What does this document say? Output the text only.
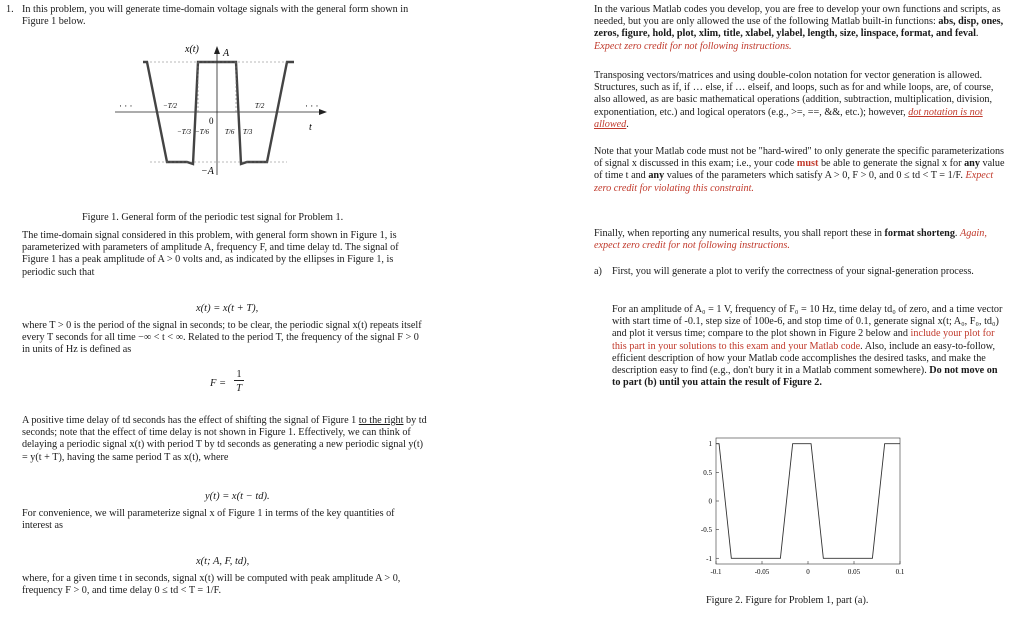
1. In this problem, you will generate time-domain voltage signals with the general form shown in Figure 1 below.

x(t) A
−A
t
0
· · ·	· · ·
−T/2	T/2
−T/3 −T/6 T/6 T/3

Figure 1. General form of the periodic test signal for Problem 1.

The time-domain signal considered in this problem, with general form shown in Figure 1, is parameterized with parameters of amplitude A, frequency F, and time delay td. The signal of Figure 1 has a peak amplitude of A > 0 volts and, as indicated by the ellipses in Figure 1, is periodic such that

x(t) = x(t + T),

where T > 0 is the period of the signal in seconds; to be clear, the periodic signal x(t) repeats itself every T seconds for all time −∞ < t < ∞. Related to the period T, the frequency of the signal F > 0 in units of Hz is defined as

F =
1
T

A positive time delay of td seconds has the effect of shifting the signal of Figure 1 to the right by td seconds; note that the effect of time delay is not shown in Figure 1. Effectively, we can think of delaying a periodic signal x(t) with period T by td seconds as generating a new periodic signal y(t) = y(t + T), having the same period T as x(t), where

y(t) = x(t − td).

For convenience, we will parameterize signal x of Figure 1 in terms of the key quantities of interest as

x(t; A, F, td),

where, for a given time t in seconds, signal x(t) will be computed with peak amplitude A > 0, frequency F > 0, and time delay 0 ≤ td < T = 1/F.

In the various Matlab codes you develop, you are free to develop your own functions and scripts, as needed, but you are only allowed the use of the following Matlab built-in functions: abs, disp, ones, zeros, figure, hold, plot, xlim, title, xlabel, ylabel, length, size, linspace, format, and feval. Expect zero credit for not following instructions.

Transposing vectors/matrices and using double-colon notation for vector generation is allowed. Structures, such as if, if … else, if … elseif, and loops, such as for and while loops, are, of course, also allowed, as are basic mathematical operations (addition, subtraction, multiplication, division, exponentiation, etc.) and logical operators (e.g., >=, ==, &&, etc.); however, dot notation is not allowed.

Note that your Matlab code must not be "hard-wired" to only generate the specific parameterizations of signal x discussed in this exam; i.e., your code must be able to generate the signal x for any value of time t and any values of the parameters which satisfy A > 0, F > 0, and 0 ≤ td < T = 1/F. Expect zero credit for violating this constraint.

Finally, when reporting any numerical results, you shall report these in format shorteng. Again, expect zero credit for not following instructions.

a) First, you will generate a plot to verify the correctness of your signal-generation process.

For an amplitude of A₀ = 1 V, frequency of F₀ = 10 Hz, time delay td₀ of zero, and a time vector with start time of -0.1, step size of 100e-6, and stop time of 0.1, generate signal x(t; A₀, F₀, td₀) and plot it versus time; compare to the plot shown in Figure 2 below and include your plot for this part in your solutions to this exam and your Matlab code. Also, include an easy-to-follow, efficient description of how your Matlab code accomplishes the desired tasks, and make the description easy to find (e.g., don't bury it in a Matlab comment somewhere). Do not move on to part (b) until you attain the result of Figure 2.

-0.1	-0.05	0	0.05	0.1
1
0.5
0
-0.5
-1

Figure 2. Figure for Problem 1, part (a).
